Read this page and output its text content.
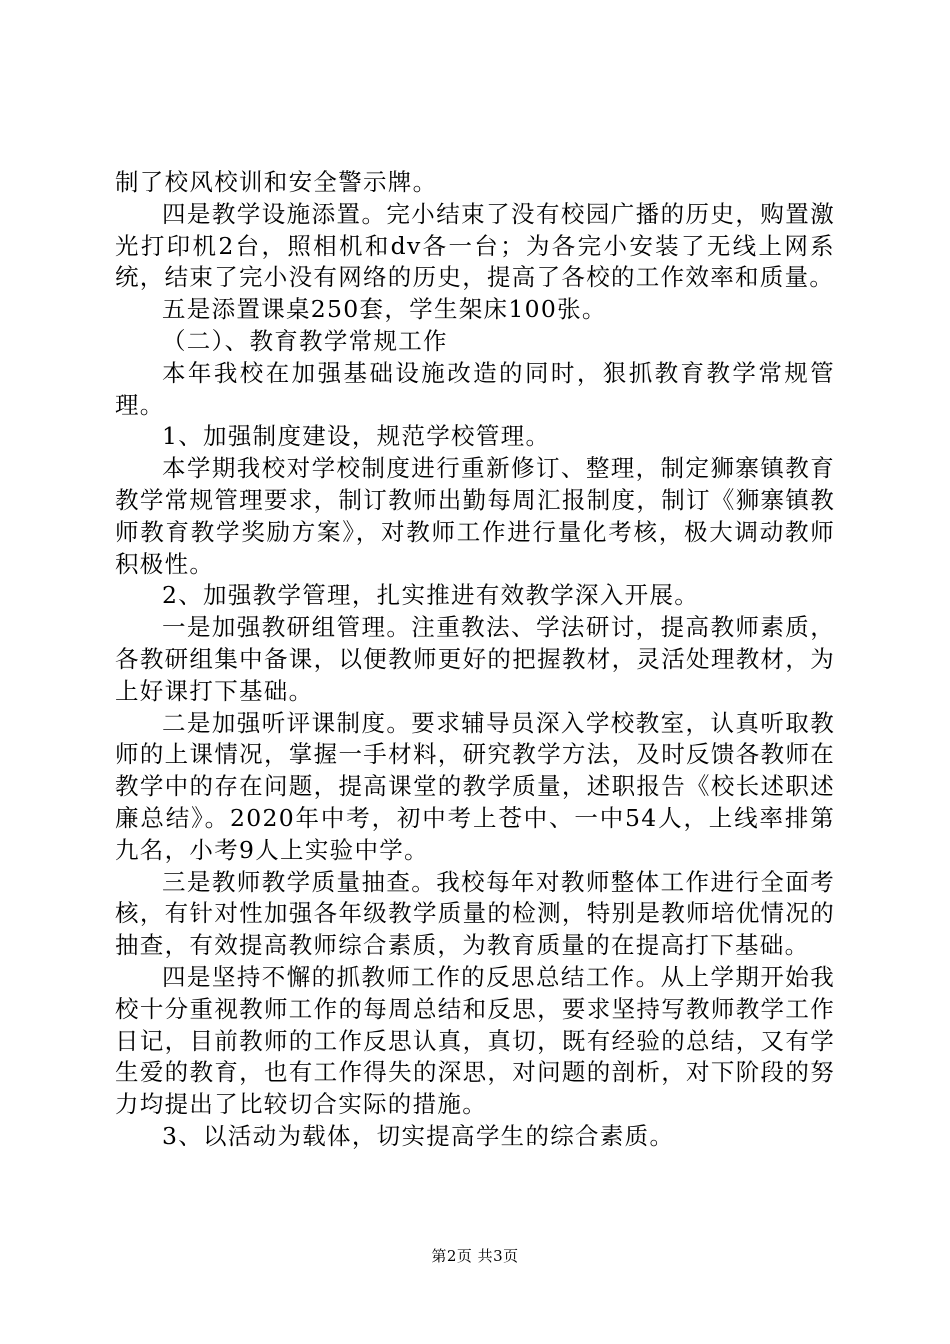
制了校风校训和安全警示牌。

四是教学设施添置。完小结束了没有校园广播的历史，购置激光打印机2台，照相机和dv各一台；为各完小安装了无线上网系统，结束了完小没有网络的历史，提高了各校的工作效率和质量。

五是添置课桌250套，学生架床100张。

（二）、教育教学常规工作

本年我校在加强基础设施改造的同时，狠抓教育教学常规管理。

1、加强制度建设，规范学校管理。

本学期我校对学校制度进行重新修订、整理，制定狮寨镇教育教学常规管理要求，制订教师出勤每周汇报制度，制订《狮寨镇教师教育教学奖励方案》，对教师工作进行量化考核，极大调动教师积极性。

2、加强教学管理，扎实推进有效教学深入开展。

一是加强教研组管理。注重教法、学法研讨，提高教师素质，各教研组集中备课，以便教师更好的把握教材，灵活处理教材，为上好课打下基础。

二是加强听评课制度。要求辅导员深入学校教室，认真听取教师的上课情况，掌握一手材料，研究教学方法，及时反馈各教师在教学中的存在问题，提高课堂的教学质量，述职报告《校长述职述廉总结》。2020年中考，初中考上苍中、一中54人，上线率排第九名，小考9人上实验中学。

三是教师教学质量抽查。我校每年对教师整体工作进行全面考核，有针对性加强各年级教学质量的检测，特别是教师培优情况的抽查，有效提高教师综合素质，为教育质量的在提高打下基础。

四是坚持不懈的抓教师工作的反思总结工作。从上学期开始我校十分重视教师工作的每周总结和反思，要求坚持写教师教学工作日记，目前教师的工作反思认真，真切，既有经验的总结，又有学生爱的教育，也有工作得失的深思，对问题的剖析，对下阶段的努力均提出了比较切合实际的措施。

3、以活动为载体，切实提高学生的综合素质。

第2页 共3页
